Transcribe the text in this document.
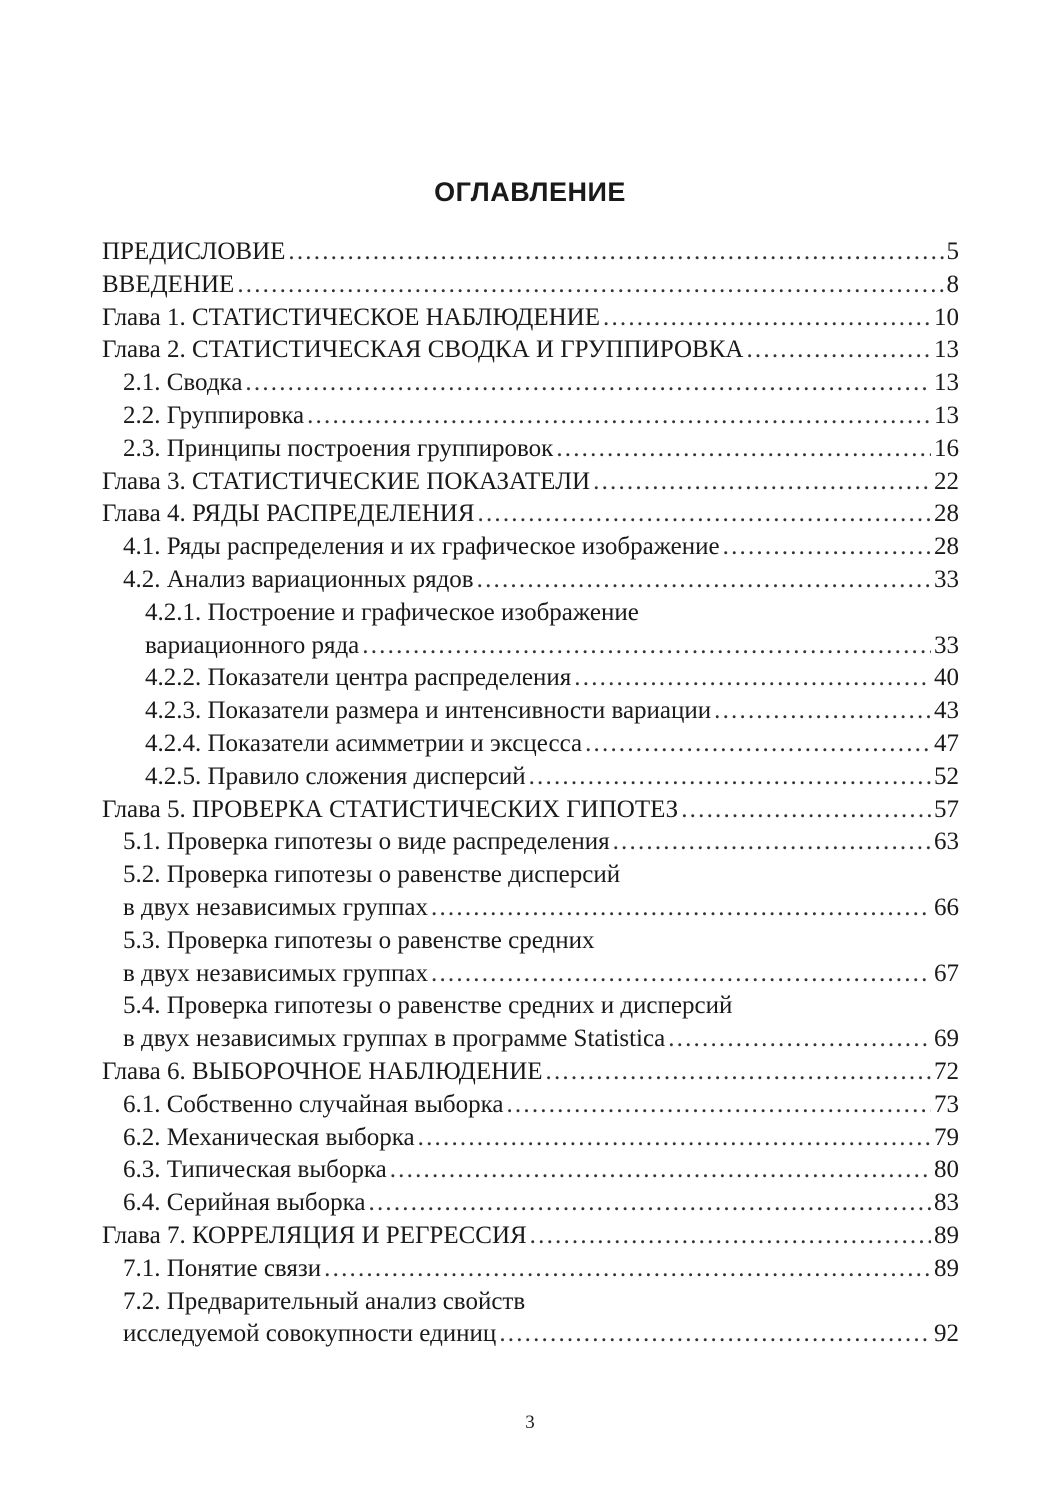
ОГЛАВЛЕНИЕ
ПРЕДИСЛОВИЕ .....	5
ВВЕДЕНИЕ .....	8
Глава 1. СТАТИСТИЧЕСКОЕ НАБЛЮДЕНИЕ .....	10
Глава 2. СТАТИСТИЧЕСКАЯ СВОДКА И ГРУППИРОВКА .....	13
2.1. Сводка .....	13
2.2. Группировка .....	13
2.3. Принципы построения группировок .....	16
Глава 3. СТАТИСТИЧЕСКИЕ ПОКАЗАТЕЛИ .....	22
Глава 4. РЯДЫ РАСПРЕДЕЛЕНИЯ .....	28
4.1. Ряды распределения и их графическое изображение .....	28
4.2. Анализ вариационных рядов .....	33
4.2.1. Построение и графическое изображение
вариационного ряда .....	33
4.2.2. Показатели центра распределения .....	40
4.2.3. Показатели размера и интенсивности вариации .....	43
4.2.4. Показатели асимметрии и эксцесса .....	47
4.2.5. Правило сложения дисперсий .....	52
Глава 5. ПРОВЕРКА СТАТИСТИЧЕСКИХ ГИПОТЕЗ .....	57
5.1. Проверка гипотезы о виде распределения .....	63
5.2. Проверка гипотезы о равенстве дисперсий
в двух независимых группах .....	66
5.3. Проверка гипотезы о равенстве средних
в двух независимых группах .....	67
5.4. Проверка гипотезы о равенстве средних и дисперсий
в двух независимых группах в программе Statistica .....	69
Глава 6. ВЫБОРОЧНОЕ НАБЛЮДЕНИЕ .....	72
6.1. Собственно случайная выборка .....	73
6.2. Механическая выборка .....	79
6.3. Типическая выборка .....	80
6.4. Серийная выборка .....	83
Глава 7. КОРРЕЛЯЦИЯ И РЕГРЕССИЯ .....	89
7.1. Понятие связи .....	89
7.2. Предварительный анализ свойств
исследуемой совокупности единиц .....	92
3
